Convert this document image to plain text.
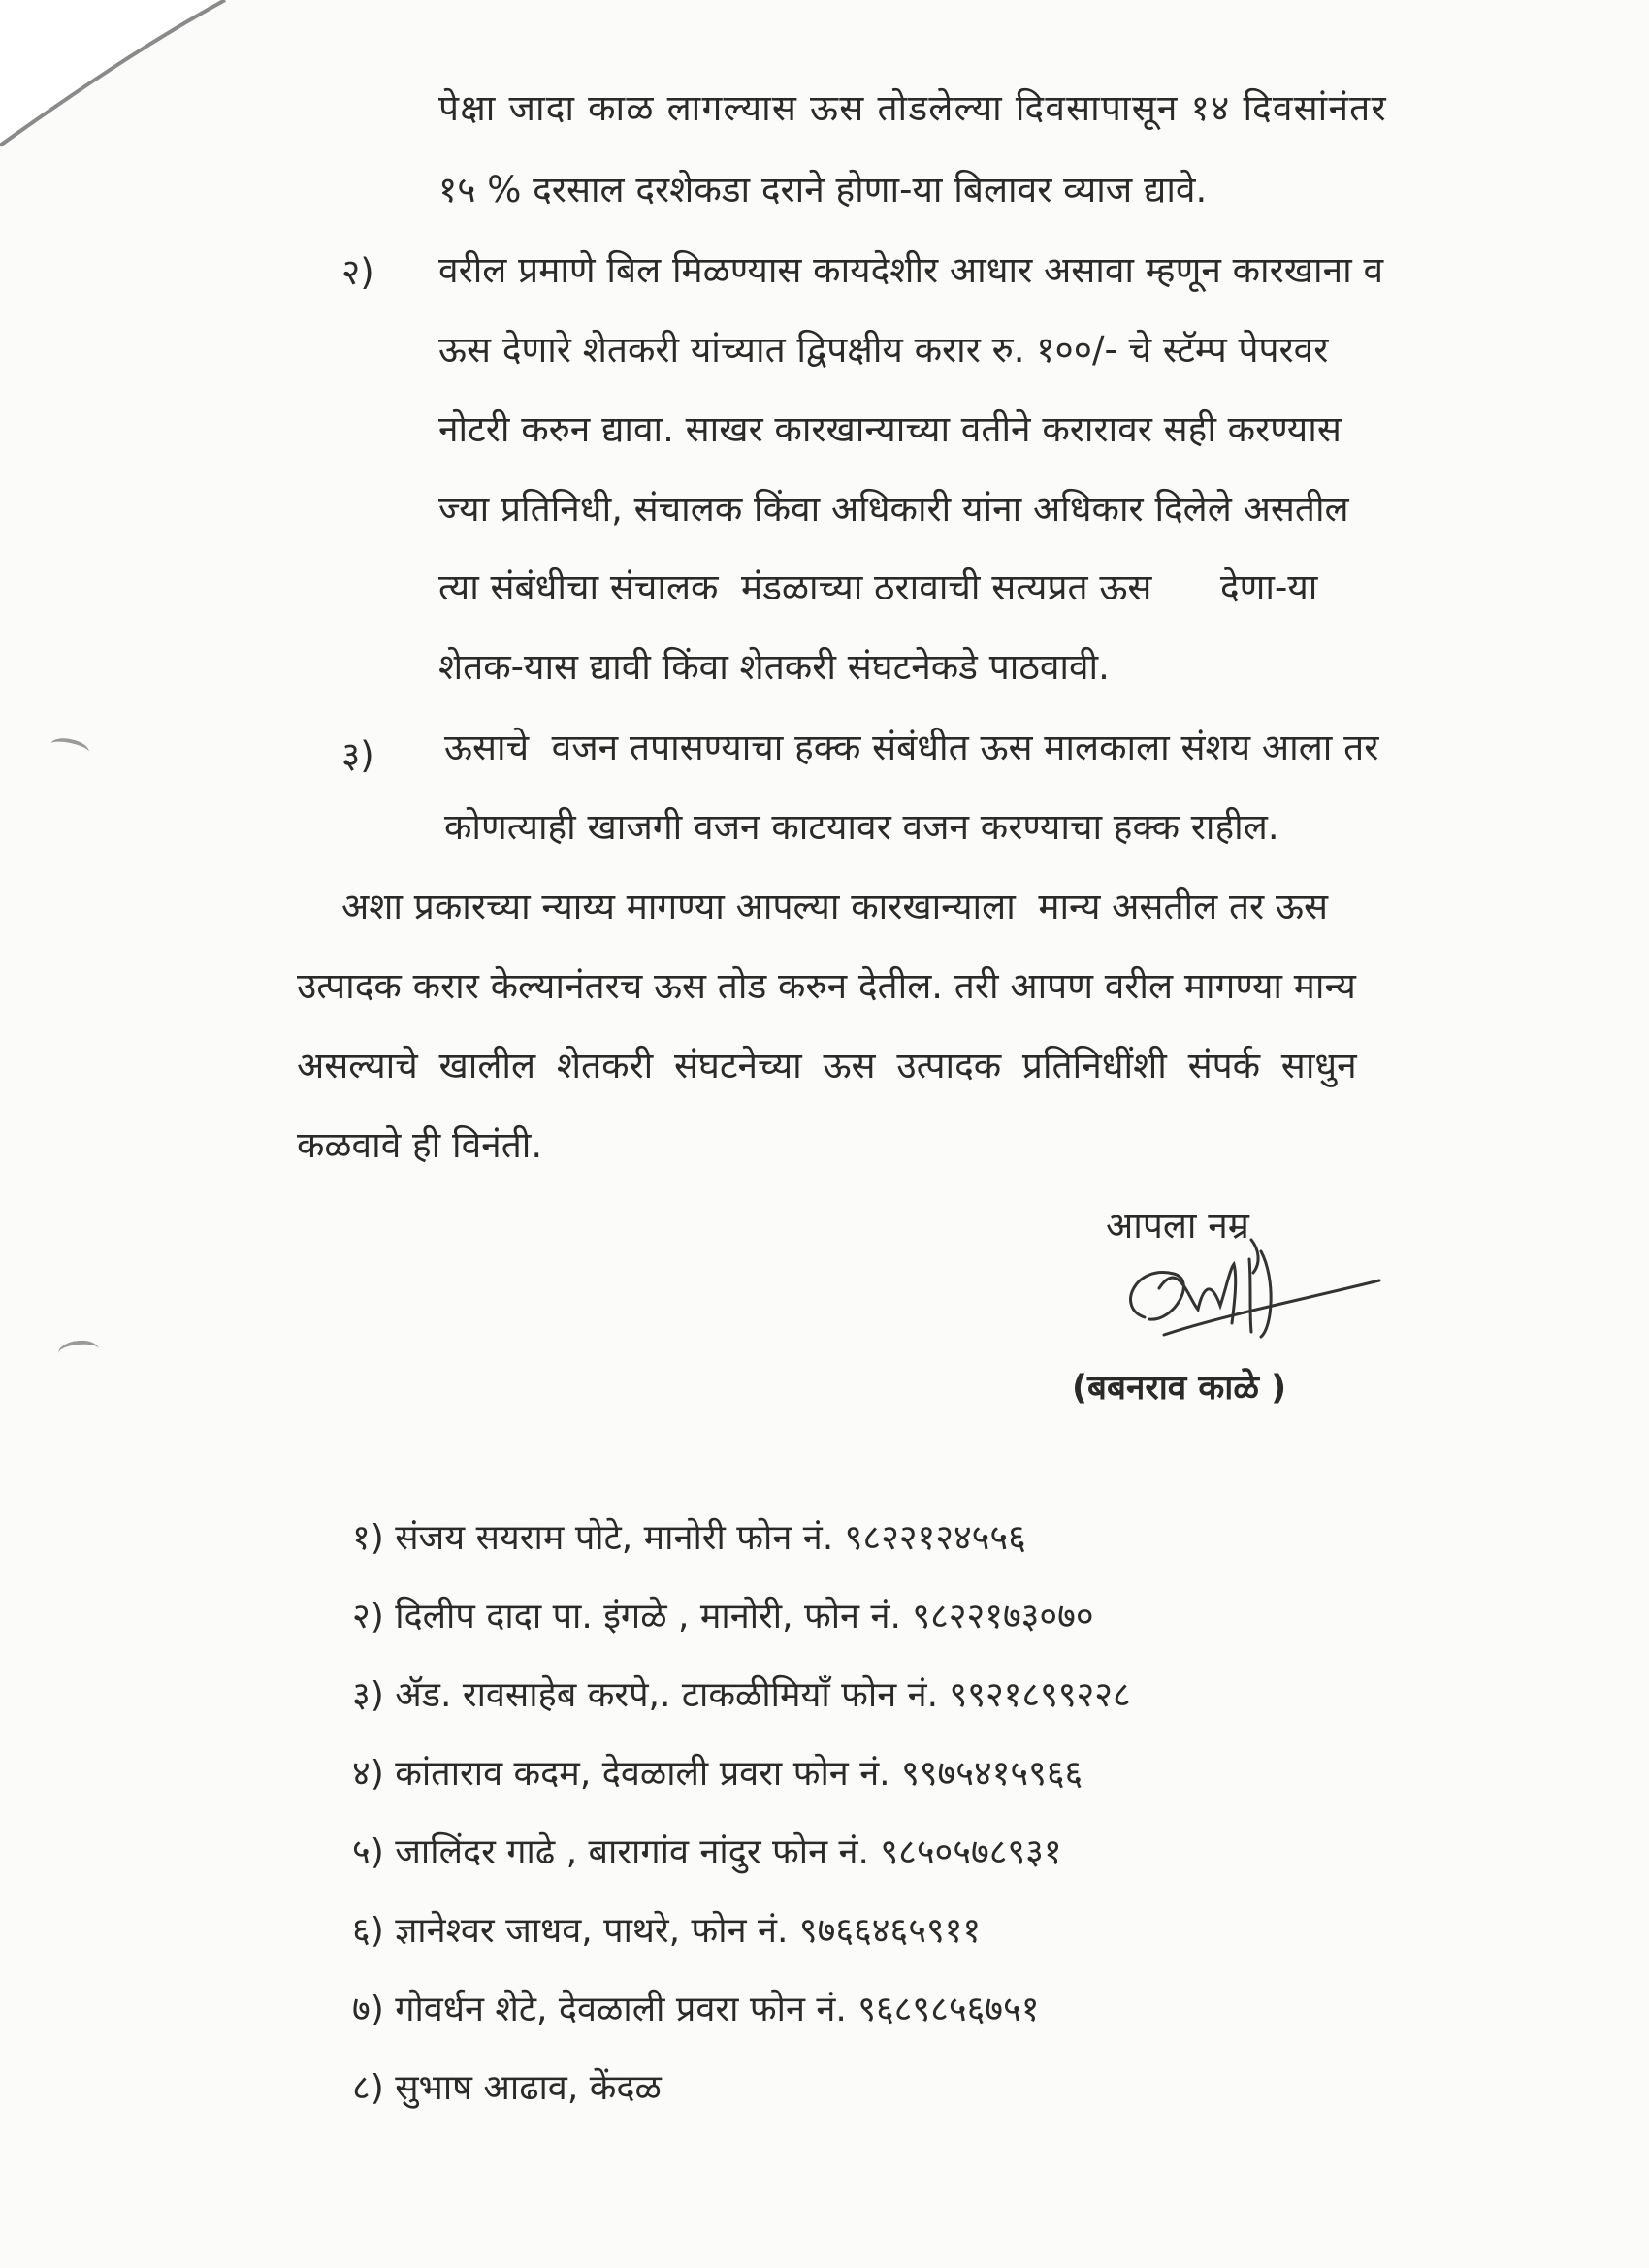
पेक्षा जादा काळ लागल्यास ऊस तोडलेल्या दिवसापासून १४ दिवसांनंतर
१५ % दरसाल दरशेकडा दराने होणा-या बिलावर व्याज द्यावे.
२) वरील प्रमाणे बिल मिळण्यास कायदेशीर आधार असावा म्हणून कारखाना व
ऊस देणारे शेतकरी यांच्यात द्विपक्षीय करार रु. १००/- चे स्टॅम्प पेपरवर
नोटरी करुन द्यावा. साखर कारखान्याच्या वतीने करारावर सही करण्यास
ज्या प्रतिनिधी, संचालक किंवा अधिकारी यांना अधिकार दिलेले असतील
त्या संबंधीचा संचालक  मंडळाच्या ठरावाची सत्यप्रत ऊस      देणा-या
शेतक-यास द्यावी किंवा शेतकरी संघटनेकडे पाठवावी.
३) ऊसाचे  वजन तपासण्याचा हक्क संबंधीत ऊस मालकाला संशय आला तर
कोणत्याही खाजगी वजन काटयावर वजन करण्याचा हक्क राहील.
अशा प्रकारच्या न्याय्य मागण्या आपल्या कारखान्याला  मान्य असतील तर ऊस
उत्पादक करार केल्यानंतरच ऊस तोड करुन देतील. तरी आपण वरील मागण्या मान्य
असल्याचे खालील शेतकरी संघटनेच्या ऊस उत्पादक प्रतिनिधींशी संपर्क साधुन
कळवावे ही विनंती.
आपला नम्र
(बबनराव काळे )
१) संजय सयराम पोटे, मानोरी फोन नं. ९८२२१२४५५६
२) दिलीप दादा पा. इंगळे , मानोरी, फोन नं. ९८२२१७३०७०
३) ॲड. रावसाहेब करपे,. टाकळीमियाँ फोन नं. ९९२१८९९२२८
४) कांताराव कदम, देवळाली प्रवरा फोन नं. ९९७५४१५९६६
५) जालिंदर गाढे , बारागांव नांदुर फोन नं. ९८५०५७८९३१
६) ज्ञानेश्वर जाधव, पाथरे, फोन नं. ९७६६४६५९११
७) गोवर्धन शेटे, देवळाली प्रवरा फोन नं. ९६८९८५६७५१
८) सुभाष आढाव, केंदळ
